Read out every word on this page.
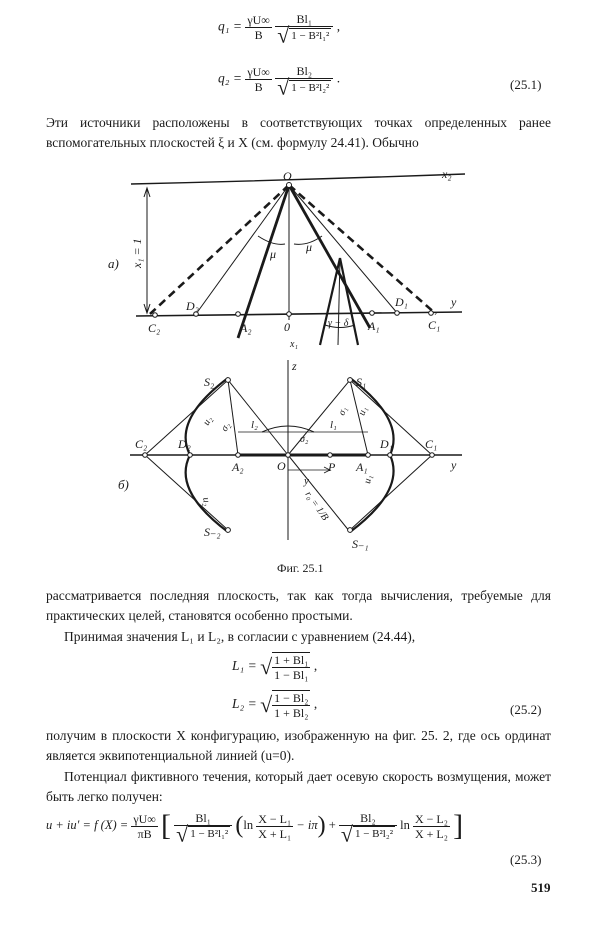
$q_1 = \frac{\gamma U\infty}{B}$
$\frac{\text{Bl₁}}{\text{√ 1 − B²l₁²}}$ ,
$q_2 = \frac{\gamma U\infty}{B}$
$\frac{\text{Bl₂}}{\text{√ 1 − B²l₂²}}$ .	(25.1)
Эти источники расположены в соответствующих точках определенных ранее вспомогательных плоскостей ξ и X (см. формулу 24.41). Обычно
O	x₂
x₁ = 1
а)
μ μ
C₂
D₂
A₂	0	γ − δ A₁
D₁
C₁
y
x₁
z
S₂	S₁
u₂ σ₂ l₂	l₁
σ₂
σ₁ u₁
C₂	D₂
A₂	O	P A₁
D₁	C₁
y
y
r₀ = 1/B
б)
u₂
u₁
S₋₂
S₋₁
Фиг. 25.1
рассматривается последняя плоскость, так как тогда вычисления, требуемые для практических целей, становятся особенно простыми.
Принимая значения L₁ и L₂, в согласии с уравнением (24.44),
L₁ = √ $\frac{\text{1 + Bl₁}}{\text{1 − Bl₁}}$ ,
L₂ = √ $\frac{\text{1 − Bl₂}}{\text{1 + Bl₂}}$ ,	(25.2)
получим в плоскости X конфигурацию, изображенную на фиг. 25. 2, где ось ординат является эквипотенциальной линией (u=0).
Потенциал фиктивного течения, который дает осевую скорость возмущения, может быть легко получен:
u + iu′ = f $(X) = \frac{\gamma U\infty}{\pi B}$ [ $\frac{\text{Bl₁}}{\text{√ 1 − B²l₁²}} (\ln \frac{\text{X − L₁}}{\text{X + L₁}} - i\pi) + \frac{\text{Bl₂}}{\text{√ 1 − B²l₂²}}$ $\ln \frac{\text{X − L₂}}{\text{X + L₂}}$ ]
(25.3)
519
